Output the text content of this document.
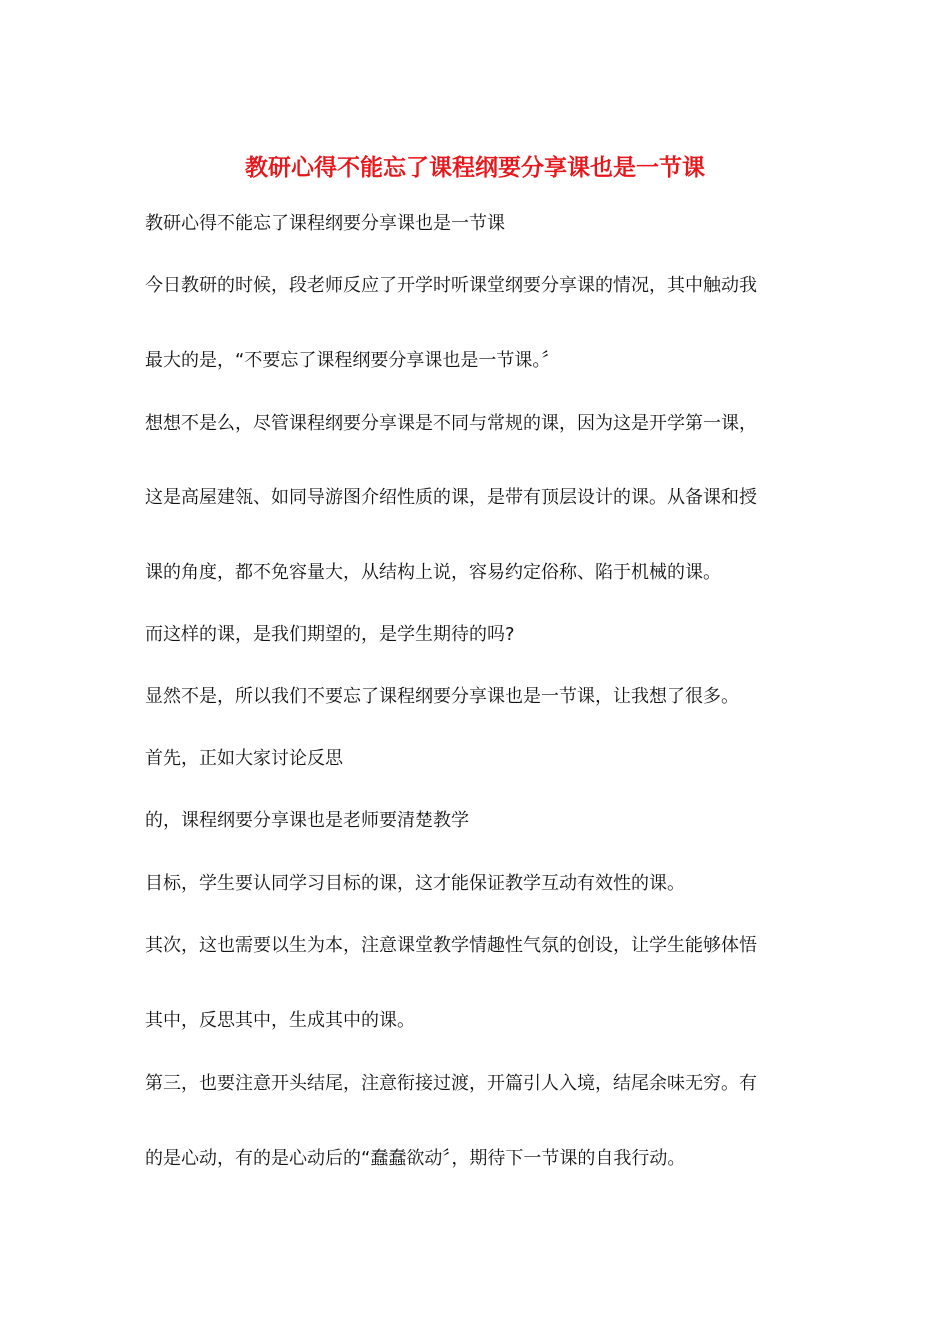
教研心得不能忘了课程纲要分享课也是一节课

教研心得不能忘了课程纲要分享课也是一节课

今日教研的时候，段老师反应了开学时听课堂纲要分享课的情况，其中触动我

最大的是，“不要忘了课程纲要分享课也是一节课。〞

想想不是么，尽管课程纲要分享课是不同与常规的课，因为这是开学第一课，

这是高屋建瓴、如同导游图介绍性质的课，是带有顶层设计的课。从备课和授

课的角度，都不免容量大，从结构上说，容易约定俗称、陷于机械的课。

而这样的课，是我们期望的，是学生期待的吗?

显然不是，所以我们不要忘了课程纲要分享课也是一节课，让我想了很多。

首先，正如大家讨论反思

的，课程纲要分享课也是老师要清楚教学

目标，学生要认同学习目标的课，这才能保证教学互动有效性的课。

其次，这也需要以生为本，注意课堂教学情趣性气氛的创设，让学生能够体悟

其中，反思其中，生成其中的课。

第三，也要注意开头结尾，注意衔接过渡，开篇引人入境，结尾余味无穷。有

的是心动，有的是心动后的“蠢蠢欲动〞，期待下一节课的自我行动。
